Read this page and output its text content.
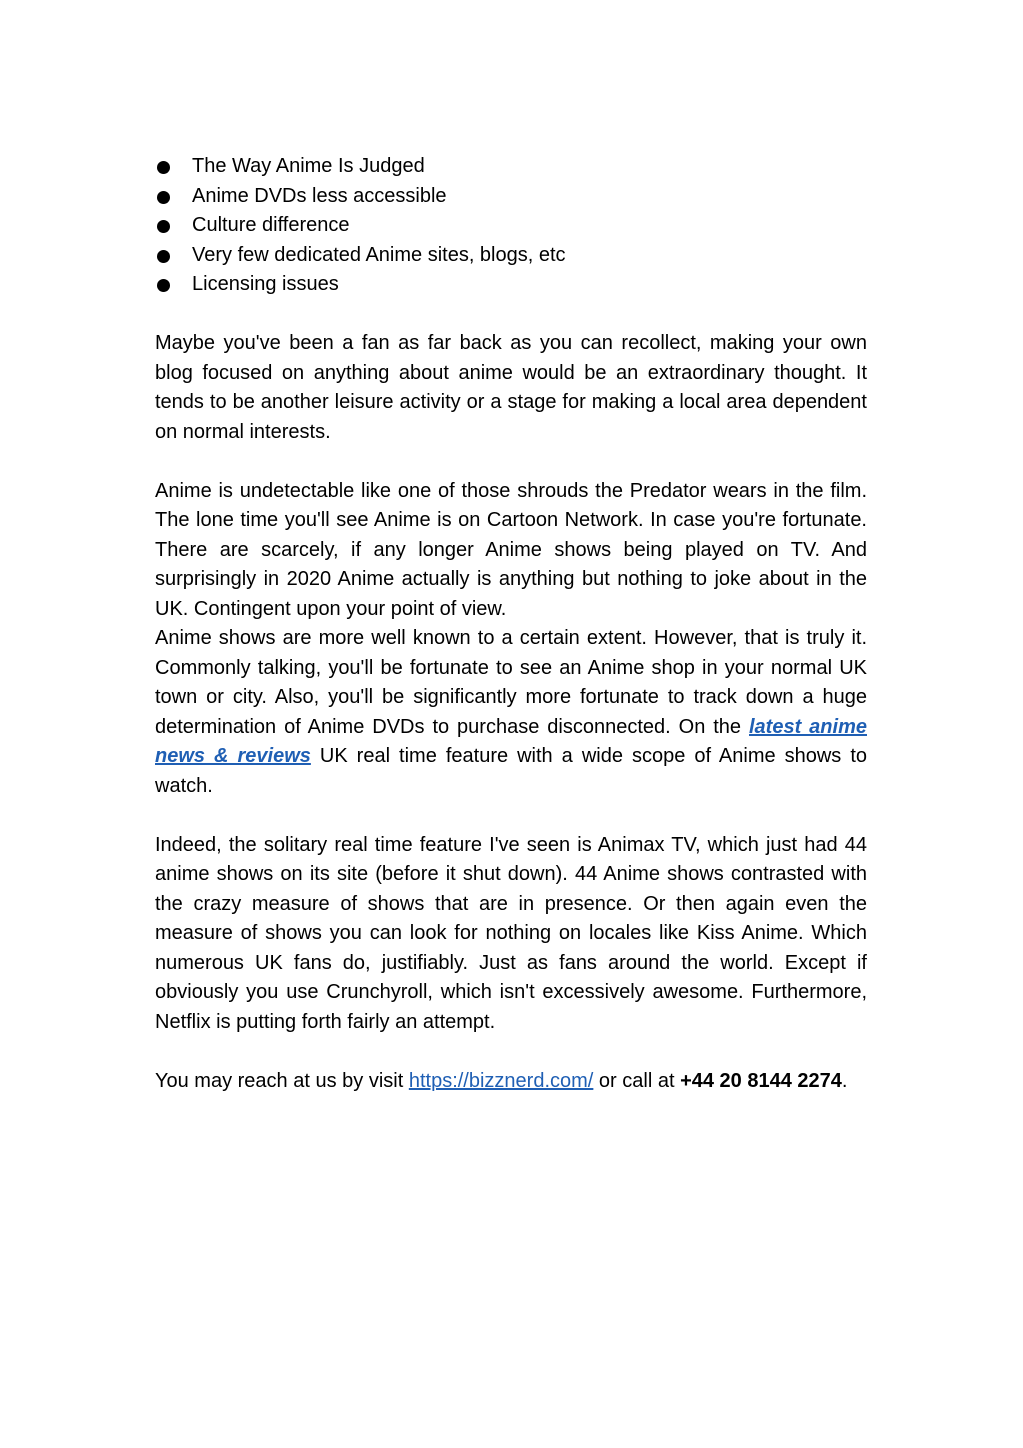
The Way Anime Is Judged
Anime DVDs less accessible
Culture difference
Very few dedicated Anime sites, blogs, etc
Licensing issues

Maybe you've been a fan as far back as you can recollect, making your own blog focused on anything about anime would be an extraordinary thought. It tends to be another leisure activity or a stage for making a local area dependent on normal interests.

Anime is undetectable like one of those shrouds the Predator wears in the film. The lone time you'll see Anime is on Cartoon Network. In case you're fortunate. There are scarcely, if any longer Anime shows being played on TV. And surprisingly in 2020 Anime actually is anything but nothing to joke about in the UK. Contingent upon your point of view.

Anime shows are more well known to a certain extent. However, that is truly it. Commonly talking, you'll be fortunate to see an Anime shop in your normal UK town or city. Also, you'll be significantly more fortunate to track down a huge determination of Anime DVDs to purchase disconnected. On the latest anime news & reviews UK real time feature with a wide scope of Anime shows to watch.

Indeed, the solitary real time feature I've seen is Animax TV, which just had 44 anime shows on its site (before it shut down). 44 Anime shows contrasted with the crazy measure of shows that are in presence. Or then again even the measure of shows you can look for nothing on locales like Kiss Anime. Which numerous UK fans do, justifiably. Just as fans around the world. Except if obviously you use Crunchyroll, which isn't excessively awesome. Furthermore, Netflix is putting forth fairly an attempt.

You may reach at us by visit https://bizznerd.com/ or call at +44 20 8144 2274.
